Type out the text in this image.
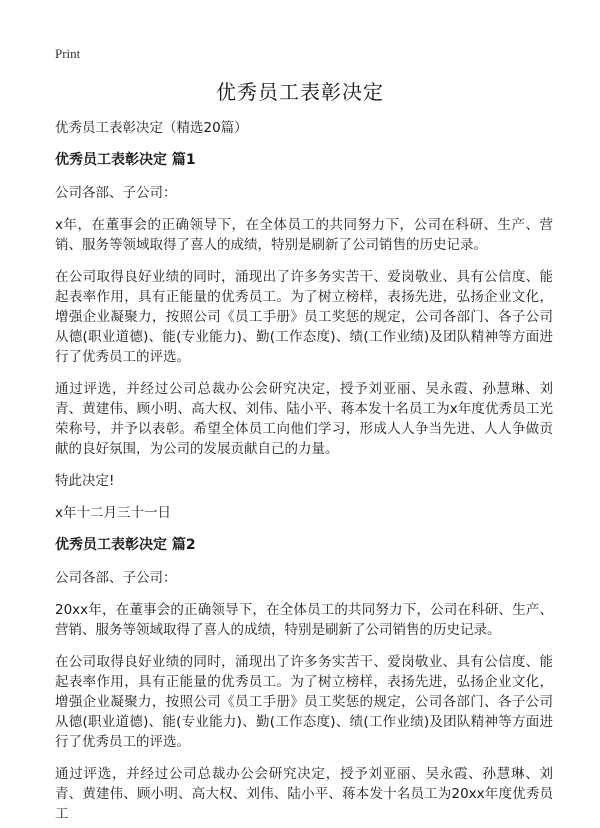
Print
优秀员工表彰决定

优秀员工表彰决定（精选20篇）

优秀员工表彰决定 篇1

公司各部、子公司：

x年，在董事会的正确领导下，在全体员工的共同努力下，公司在科研、生产、营销、服务等领域取得了喜人的成绩，特别是刷新了公司销售的历史记录。

在公司取得良好业绩的同时，涌现出了许多务实苦干、爱岗敬业、具有公信度、能起表率作用，具有正能量的优秀员工。为了树立榜样，表扬先进，弘扬企业文化，增强企业凝聚力，按照公司《员工手册》员工奖惩的规定，公司各部门、各子公司从德(职业道德)、能(专业能力)、勤(工作态度)、绩(工作业绩)及团队精神等方面进行了优秀员工的评选。

通过评选，并经过公司总裁办公会研究决定，授予刘亚丽、吴永霞、孙慧琳、刘青、黄建伟、顾小明、高大权、刘伟、陆小平、蒋本发十名员工为x年度优秀员工光荣称号，并予以表彰。希望全体员工向他们学习，形成人人争当先进、人人争做贡献的良好氛围，为公司的发展贡献自己的力量。

特此决定!

x年十二月三十一日

优秀员工表彰决定 篇2

公司各部、子公司：

20xx年，在董事会的正确领导下，在全体员工的共同努力下，公司在科研、生产、营销、服务等领域取得了喜人的成绩，特别是刷新了公司销售的历史记录。

在公司取得良好业绩的同时，涌现出了许多务实苦干、爱岗敬业、具有公信度、能起表率作用，具有正能量的优秀员工。为了树立榜样，表扬先进，弘扬企业文化，增强企业凝聚力，按照公司《员工手册》员工奖惩的规定，公司各部门、各子公司从德(职业道德)、能(专业能力)、勤(工作态度)、绩(工作业绩)及团队精神等方面进行了优秀员工的评选。

通过评选，并经过公司总裁办公会研究决定，授予刘亚丽、吴永霞、孙慧琳、刘青、黄建伟、顾小明、高大权、刘伟、陆小平、蒋本发十名员工为20xx年度优秀员工
